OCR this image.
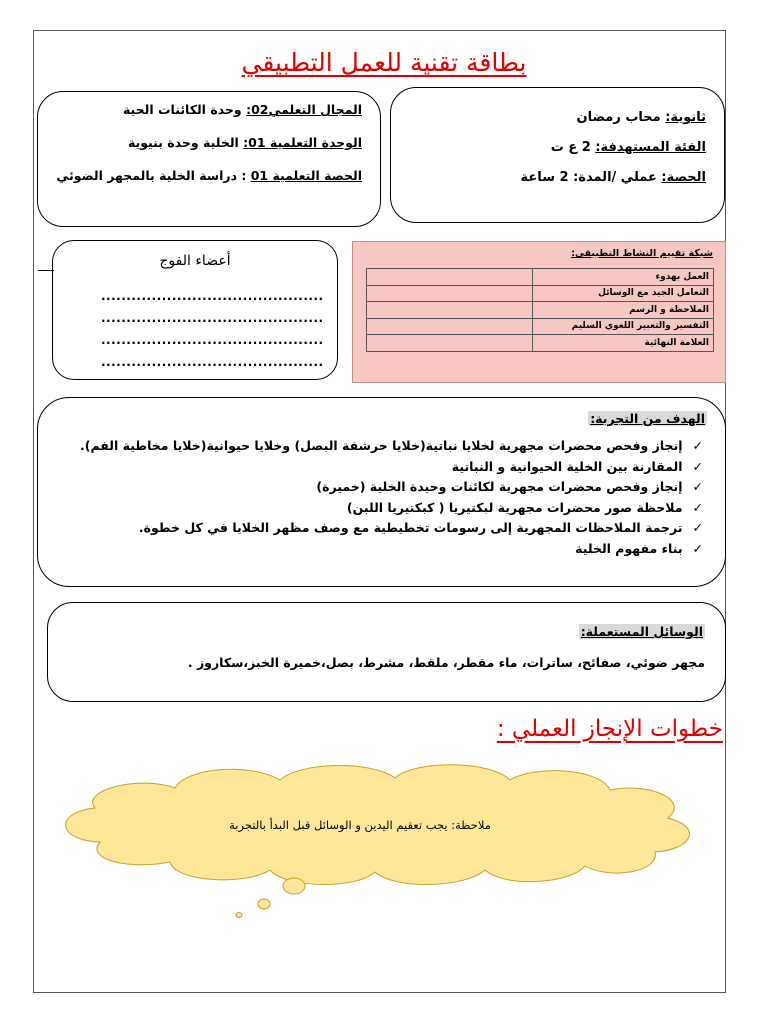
بطاقة تقنية للعمل التطبيقي
ثانوية: محاب رمضان
الفئة المستهدفة: 2 ع ت
الحصة: عملي /المدة: 2 ساعة
المجال التعلمي02: وحدة الكائنات الحية
الوحدة التعلمية 01: الخلية وحدة بنيوية
الحصة التعلمية 01 : دراسة الخلية بالمجهر الضوئي
أعضاء الفوج
............................................
............................................
............................................
............................................
شبكة تقييم النشاط التطبيقي:
العمل بهدوء	
التعامل الجيد مع الوسائل	
الملاحظة و الرسم	
التفسير والتعبير اللغوي السليم	
العلامة النهائية	
الهدف من التجربة:
✓إنجاز وفحص محضرات مجهرية لخلايا نباتية(خلايا حرشفة البصل) وخلايا حيوانية(خلايا مخاطية الفم).
✓المقارنة بين الخلية الحيوانية و النباتية
✓إنجاز وفحص محضرات مجهرية لكائنات وحيدة الخلية (خميرة)
✓ملاحظة صور محضرات مجهرية لبكتيريا ( كبكتيريا اللبن)
✓ترجمة الملاحظات المجهرية إلى رسومات تخطيطية مع وصف مظهر الخلايا في كل خطوة.
✓بناء مفهوم الخلية
الوسائل المستعملة:
مجهر ضوئي، صفائح، ساترات، ماء مقطر، ملقط، مشرط، بصل،خميرة الخبز،سكاروز .
خطوات الإنجاز العملي :
ملاحظة: يجب تعقيم اليدين و الوسائل قبل البدأ بالتجربة
